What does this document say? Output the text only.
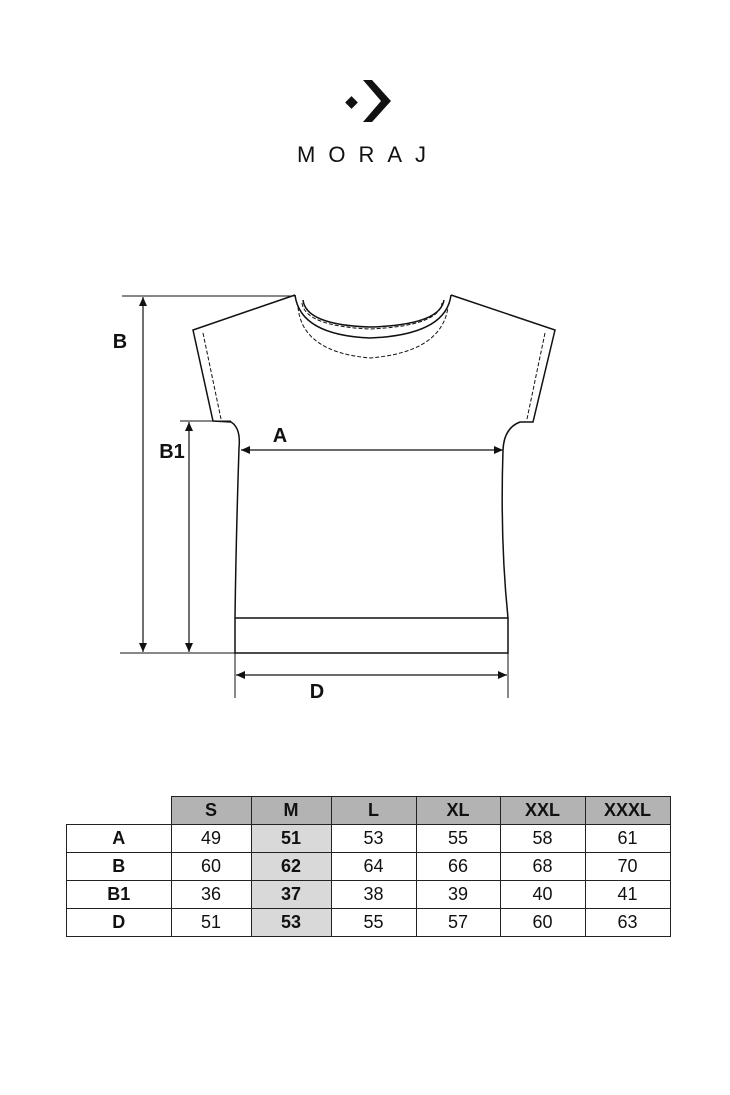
MORAJ
B
B1
A
D
	S	M	L	XL	XXL	XXXL
A	49	51	53	55	58	61
B	60	62	64	66	68	70
B1	36	37	38	39	40	41
D	51	53	55	57	60	63
